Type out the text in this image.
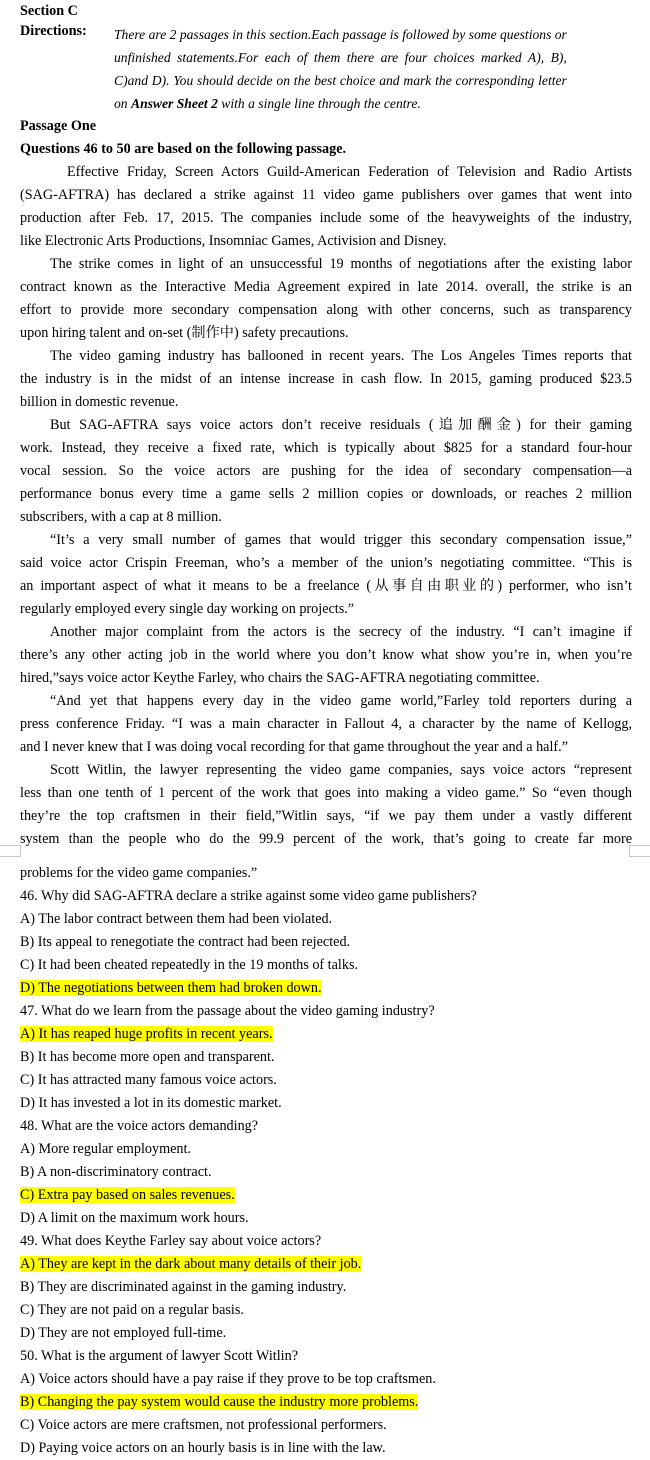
Section C
Directions:	There are 2 passages in this section.Each passage is followed by some questions or
unfinished statements.For each of them there are four choices marked A), B),
C)and D). You should decide on the best choice and mark the corresponding letter
on Answer Sheet 2 with a single line through the centre.
Passage One
Questions 46 to 50 are based on the following passage.
Effective Friday, Screen Actors Guild-American Federation of Television and Radio Artists
(SAG-AFTRA) has declared a strike against 11 video game publishers over games that went into
production after Feb. 17, 2015. The companies include some of the heavyweights of the industry,
like Electronic Arts Productions, Insomniac Games, Activision and Disney.
The strike comes in light of an unsuccessful 19 months of negotiations after the existing labor
contract known as the Interactive Media Agreement expired in late 2014. overall, the strike is an
effort to provide more secondary compensation along with other concerns, such as transparency
upon hiring talent and on-set (制作中) safety precautions.
The video gaming industry has ballooned in recent years. The Los Angeles Times reports that
the industry is in the midst of an intense increase in cash flow. In 2015, gaming produced $23.5
billion in domestic revenue.
But SAG-AFTRA says voice actors don’t receive residuals (追加酬金) for their gaming
work. Instead, they receive a fixed rate, which is typically about $825 for a standard four-hour
vocal session. So the voice actors are pushing for the idea of secondary compensation—a
performance bonus every time a game sells 2 million copies or downloads, or reaches 2 million
subscribers, with a cap at 8 million.
“It’s a very small number of games that would trigger this secondary compensation issue,”
said voice actor Crispin Freeman, who’s a member of the union’s negotiating committee. “This is
an important aspect of what it means to be a freelance (从事自由职业的) performer, who isn’t
regularly employed every single day working on projects.”
Another major complaint from the actors is the secrecy of the industry. “I can’t imagine if
there’s any other acting job in the world where you don’t know what show you’re in, when you’re
hired,”says voice actor Keythe Farley, who chairs the SAG-AFTRA negotiating committee.
“And yet that happens every day in the video game world,”Farley told reporters during a
press conference Friday. “I was a main character in Fallout 4, a character by the name of Kellogg,
and I never knew that I was doing vocal recording for that game throughout the year and a half.”
Scott Witlin, the lawyer representing the video game companies, says voice actors “represent
less than one tenth of 1 percent of the work that goes into making a video game.” So “even though
they’re the top craftsmen in their field,”Witlin says, “if we pay them under a vastly different
system than the people who do the 99.9 percent of the work, that’s going to create far more
problems for the video game companies.”
46. Why did SAG-AFTRA declare a strike against some video game publishers?
A) The labor contract between them had been violated.
B) Its appeal to renegotiate the contract had been rejected.
C) It had been cheated repeatedly in the 19 months of talks.
D) The negotiations between them had broken down.
47. What do we learn from the passage about the video gaming industry?
A) It has reaped huge profits in recent years.
B) It has become more open and transparent.
C) It has attracted many famous voice actors.
D) It has invested a lot in its domestic market.
48. What are the voice actors demanding?
A) More regular employment.
B) A non-discriminatory contract.
C) Extra pay based on sales revenues.
D) A limit on the maximum work hours.
49. What does Keythe Farley say about voice actors?
A) They are kept in the dark about many details of their job.
B) They are discriminated against in the gaming industry.
C) They are not paid on a regular basis.
D) They are not employed full-time.
50. What is the argument of lawyer Scott Witlin?
A) Voice actors should have a pay raise if they prove to be top craftsmen.
B) Changing the pay system would cause the industry more problems.
C) Voice actors are mere craftsmen, not professional performers.
D) Paying voice actors on an hourly basis is in line with the law.
